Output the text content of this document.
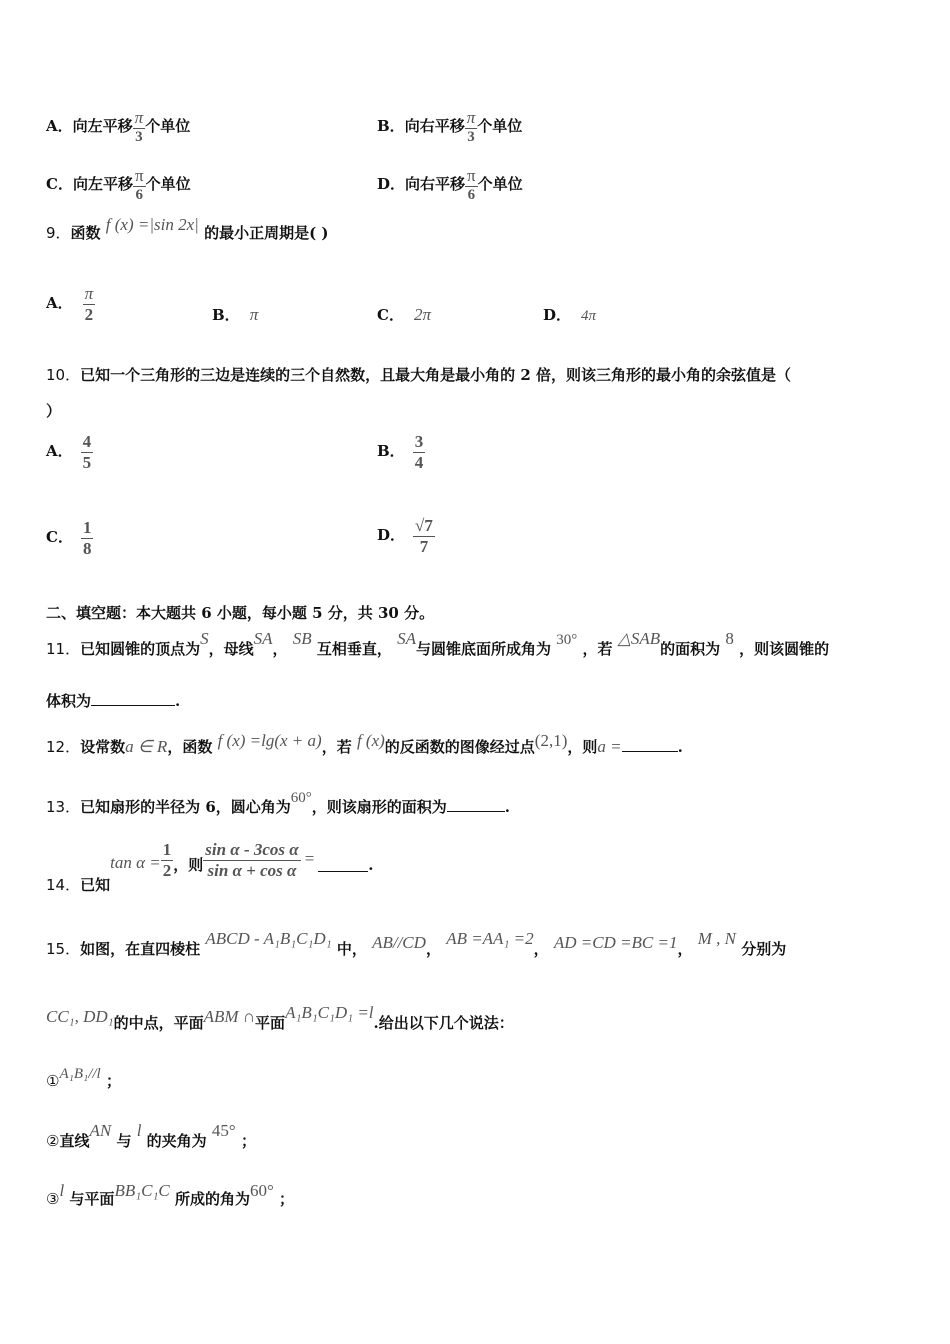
A．向左平移 $\frac{\pi}{3}$ 个单位	B．向右平移 $\frac{\pi}{3}$ 个单位
C．向左平移 $\frac{\pi}{6}$ 个单位	D．向右平移 $\frac{\pi}{6}$ 个单位
9．函数 f (x) =|sin 2x| 的最小正周期是( )
A． $\frac{\pi}{2}$	B． π	C． 2π	D． 4π
10．已知一个三角形的三边是连续的三个自然数，且最大角是最小角的 2 倍，则该三角形的最小角的余弦值是（
）
A． $\frac{4}{5}$	B． $\frac{3}{4}$
C． $\frac{1}{8}$	D． $\frac{√7}{7}$
二、填空题：本大题共 6 小题，每小题 5 分，共 30 分。
11．已知圆锥的顶点为S，母线SA， SB 互相垂直， SA与圆锥底面所成角为 30° ，若 △SAB的面积为 8 ，则该圆锥的
体积为	.
12．设常数a ∈ R，函数 f (x) =lg(x + a)，若 f (x)的反函数的图像经过点(2,1)，则a =	.
13．已知扇形的半径为 6，圆心角为60°，则该扇形的面积为	.
14．已知$\tan \alpha = \frac{1}{2}$ ，则 $\frac{\text{sin α - 3cos α}}{\text{sin α + cos α}}$ =	.
15．如图，在直四棱柱 ABCD - A₁B₁C₁D₁ 中， AB//CD， AB =AA₁ =2， AD =CD =BC =1， M , N 分别为
CC₁, DD₁的中点，平面ABM ∩平面A₁B₁C₁D₁ =l.给出以下几个说法：
①A₁B₁//l ；
②直线AN 与 l 的夹角为 45° ；
③l 与平面BB₁C₁C 所成的角为60° ；
